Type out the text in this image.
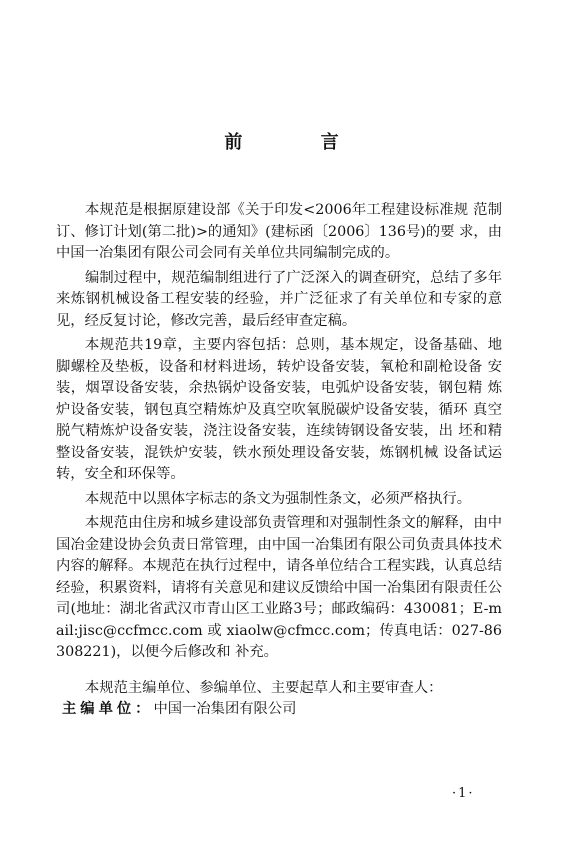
前 言

本规范是根据原建设部《关于印发<2006年工程建设标准规 范制订、修订计划(第二批)>的通知》(建标函〔2006〕136号)的要 求，由中国一冶集团有限公司会同有关单位共同编制完成的。

编制过程中，规范编制组进行了广泛深入的调查研究，总结了多年来炼钢机械设备工程安装的经验，并广泛征求了有关单位和专家的意见，经反复讨论，修改完善，最后经审查定稿。

本规范共19章，主要内容包括：总则，基本规定，设备基础、地 脚螺栓及垫板，设备和材料进场，转炉设备安装，氧枪和副枪设备 安装，烟罩设备安装，余热锅炉设备安装，电弧炉设备安装，钢包精 炼炉设备安装，钢包真空精炼炉及真空吹氧脱碳炉设备安装，循环 真空脱气精炼炉设备安装，浇注设备安装，连续铸钢设备安装，出 坯和精整设备安装，混铁炉安装，铁水预处理设备安装，炼钢机械 设备试运转，安全和环保等。

本规范中以黑体字标志的条文为强制性条文，必须严格执行。

本规范由住房和城乡建设部负责管理和对强制性条文的解释，由中国冶金建设协会负责日常管理，由中国一冶集团有限公司负责具体技术内容的解释。本规范在执行过程中，请各单位结合工程实践，认真总结经验，积累资料，请将有关意见和建议反馈给中国一冶集团有限责任公司(地址：湖北省武汉市青山区工业路3号；邮政编码：430081；E-mail:jisc@ccfmcc.com 或 xiaolw@cfmcc.com；传真电话：027-86308221)，以便今后修改和 补充。

本规范主编单位、参编单位、主要起草人和主要审查人：

主编单位：中国一冶集团有限公司

·1·
